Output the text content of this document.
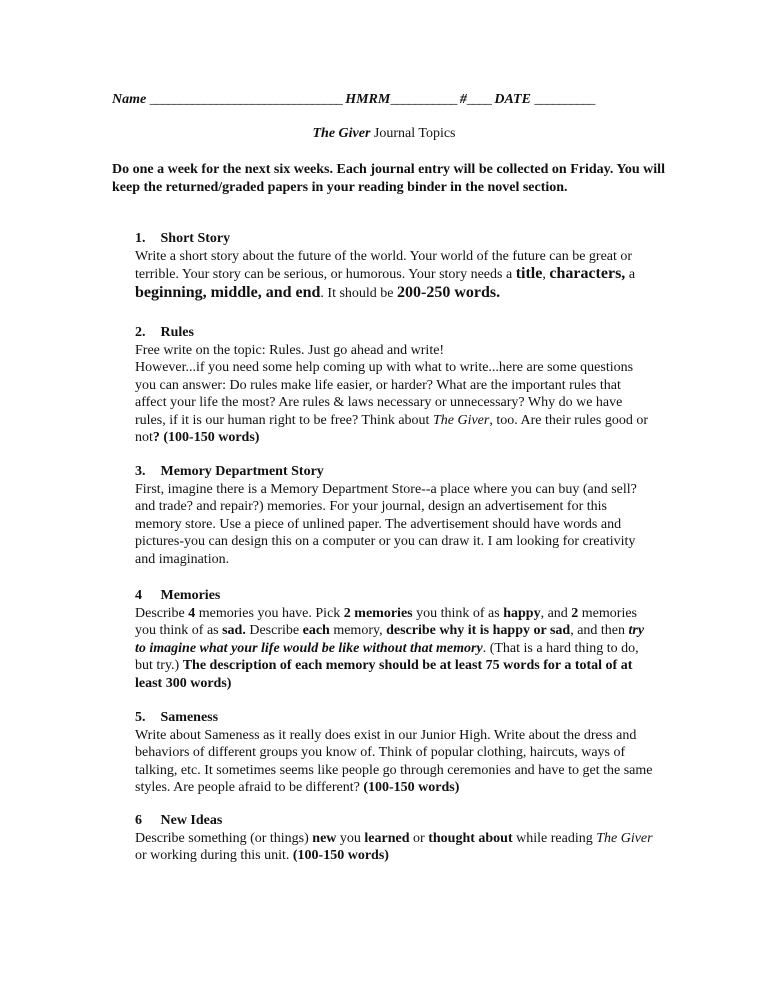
Name ________________________________ HMRM___________ #____ DATE __________
The Giver Journal Topics

Do one a week for the next six weeks. Each journal entry will be collected on Friday. You will keep the returned/graded papers in your reading binder in the novel section.

1. Short Story

Write a short story about the future of the world. Your world of the future can be great or terrible. Your story can be serious, or humorous. Your story needs a title, characters, a beginning, middle, and end. It should be 200-250 words.

2. Rules

Free write on the topic: Rules. Just go ahead and write!

However...if you need some help coming up with what to write...here are some questions you can answer: Do rules make life easier, or harder? What are the important rules that affect your life the most? Are rules & laws necessary or unnecessary? Why do we have rules, if it is our human right to be free? Think about The Giver, too. Are their rules good or not? (100-150 words)

3. Memory Department Story

First, imagine there is a Memory Department Store--a place where you can buy (and sell? and trade? and repair?) memories. For your journal, design an advertisement for this memory store. Use a piece of unlined paper. The advertisement should have words and pictures-you can design this on a computer or you can draw it. I am looking for creativity and imagination.

4 Memories

Describe 4 memories you have. Pick 2 memories you think of as happy, and 2 memories you think of as sad. Describe each memory, describe why it is happy or sad, and then try to imagine what your life would be like without that memory. (That is a hard thing to do, but try.) The description of each memory should be at least 75 words for a total of at least 300 words)

5. Sameness

Write about Sameness as it really does exist in our Junior High. Write about the dress and behaviors of different groups you know of. Think of popular clothing, haircuts, ways of talking, etc. It sometimes seems like people go through ceremonies and have to get the same styles. Are people afraid to be different? (100-150 words)

6 New Ideas

Describe something (or things) new you learned or thought about while reading The Giver or working during this unit. (100-150 words)
